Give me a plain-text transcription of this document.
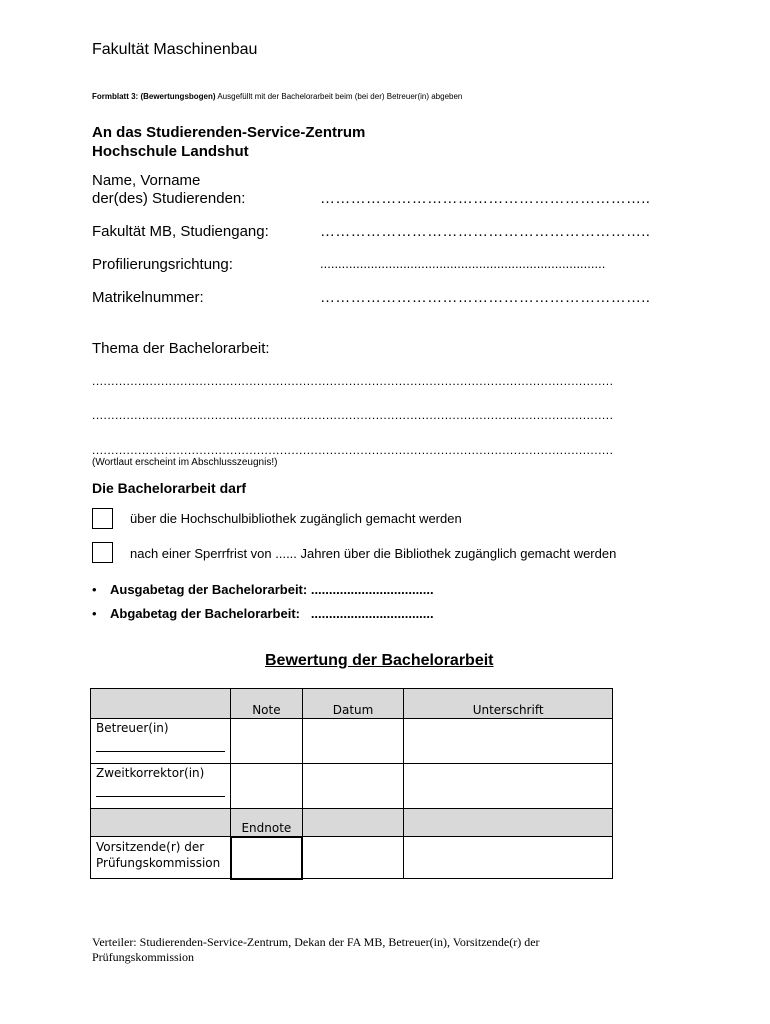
Fakultät Maschinenbau
Formblatt 3: (Bewertungsbogen) Ausgefüllt mit der Bachelorarbeit beim (bei der) Betreuer(in) abgeben
An das Studierenden-Service-Zentrum
Hochschule Landshut
Name, Vorname
der(des) Studierenden:	………………………………………………………..
Fakultät MB, Studiengang:	………………………………………………………..
Profilierungsrichtung:	...............................................................................
Matrikelnummer:	………………………………………………………..
Thema der Bachelorarbeit:
........................................................................................................................................
........................................................................................................................................
........................................................................................................................................
(Wortlaut erscheint im Abschlusszeugnis!)
Die Bachelorarbeit darf
über die Hochschulbibliothek zugänglich gemacht werden
nach einer Sperrfrist von ...... Jahren über die Bibliothek zugänglich gemacht werden
• Ausgabetag der Bachelorarbeit: ..................................
• Abgabetag der Bachelorarbeit:   ..................................
Bewertung der Bachelorarbeit
	Note	Datum	Unterschrift

Betreuer(in)			

Zweitkorrektor(in)			

	Endnote		

Vorsitzende(r) der
Prüfungskommission			

Verteiler: Studierenden-Service-Zentrum, Dekan der FA MB, Betreuer(in), Vorsitzende(r) der Prüfungskommission
